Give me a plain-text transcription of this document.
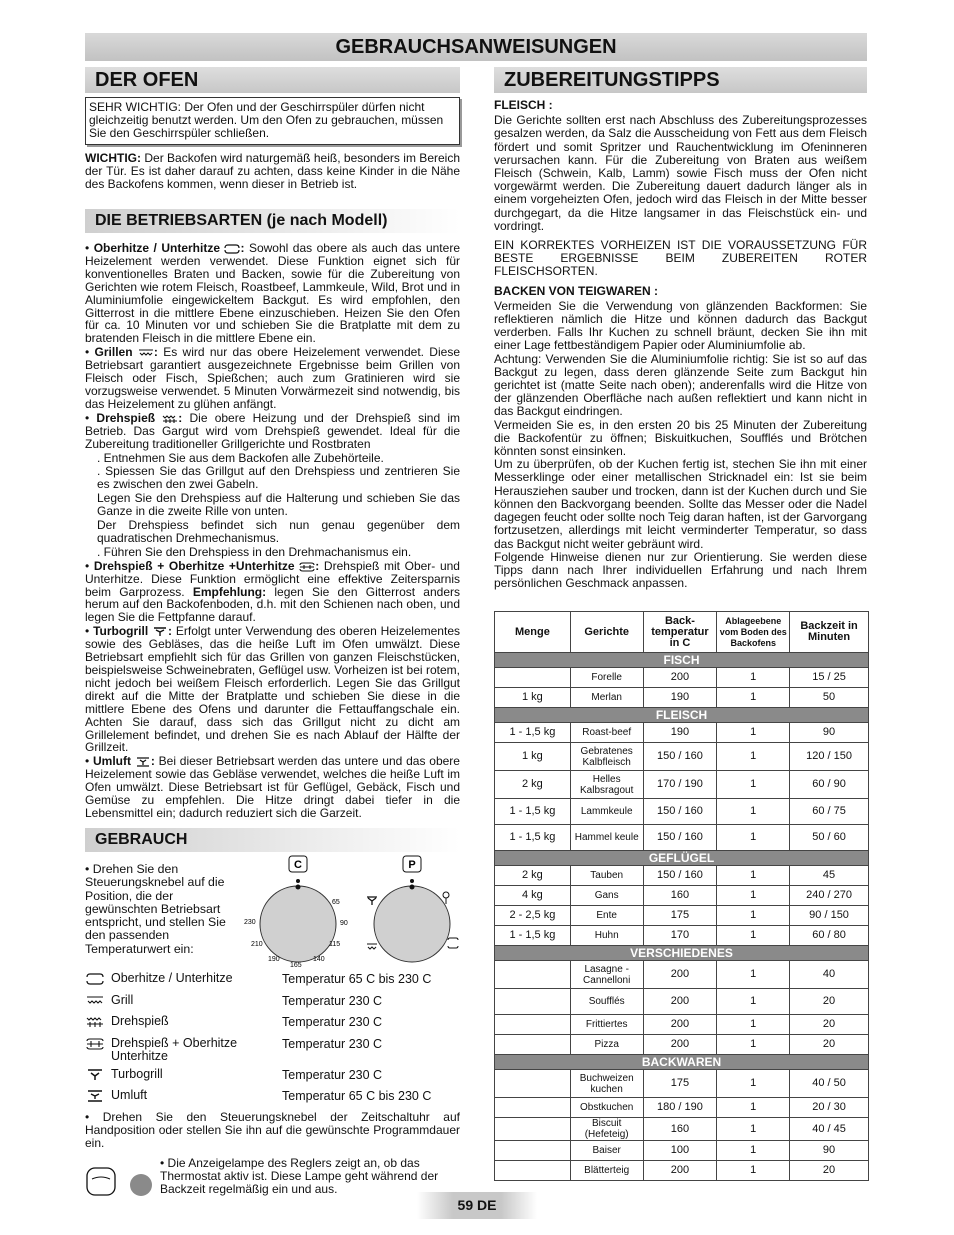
GEBRAUCHSANWEISUNGEN
DER OFEN
SEHR WICHTIG: Der Ofen und der Geschirrspüler dürfen nicht gleichzeitig benutzt werden. Um den Ofen zu gebrauchen, müssen Sie den Geschirrspüler schließen.

WICHTIG: Der Backofen wird naturgemäß heiß, besonders im Bereich der Tür. Es ist daher darauf zu achten, dass keine Kinder in die Nähe des Backofens kommen, wenn dieser in Betrieb ist.

DIE BETRIEBSARTEN (je nach Modell)

• Oberhitze / Unterhitze : Sowohl das obere als auch das untere Heizelement werden verwendet. Diese Funktion eignet sich für konventionelles Braten und Backen, sowie für die Zubereitung von Gerichten wie rotem Fleisch, Roastbeef, Lammkeule, Wild, Brot und in Aluminiumfolie eingewickeltem Backgut. Es wird empfohlen, den Gitterrost in die mittlere Ebene einzuschieben. Heizen Sie den Ofen für ca. 10 Minuten vor und schieben Sie die Bratplatte mit dem zu bratenden Fleisch in die mittlere Ebene ein.

• Grillen : Es wird nur das obere Heizelement verwendet. Diese Betriebsart garantiert ausgezeichnete Ergebnisse beim Grillen von Fleisch oder Fisch, Spießchen; auch zum Gratinieren wird sie vorzugsweise verwendet. 5 Minuten Vorwärmezeit sind notwendig, bis das Heizelement zu glühen anfängt.

• Drehspieß : Die obere Heizung und der Drehspieß sind im Betrieb. Das Gargut wird vom Drehspieß gewendet. Ideal für die Zubereitung traditioneller Grillgerichte und Rostbraten

. Entnehmen Sie aus dem Backofen alle Zubehörteile.

. Spiessen Sie das Grillgut auf den Drehspiess und zentrieren Sie es zwischen den zwei Gabeln.

Legen Sie den Drehspiess auf die Halterung und schieben Sie das Ganze in die zweite Rille von unten.

Der Drehspiess befindet sich nun genau gegenüber dem quadratischen Drehmechanismus.

. Führen Sie den Drehspiess in den Drehmachanismus ein.

• Drehspieß + Oberhitze +Unterhitze : Drehspieß mit Ober- und Unterhitze. Diese Funktion ermöglicht eine effektive Zeitersparnis beim Garprozess. Empfehlung: legen Sie den Gitterrost anders herum auf den Backofenboden, d.h. mit den Schienen nach oben, und legen Sie die Fettpfanne darauf.

• Turbogrill : Erfolgt unter Verwendung des oberen Heizelementes sowie des Gebläses, das die heiße Luft im Ofen umwälzt. Diese Betriebsart empfiehlt sich für das Grillen von ganzen Fleischstücken, beispielsweise Schweinebraten, Geflügel usw. Vorheizen ist bei rotem, nicht jedoch bei weißem Fleisch erforderlich. Legen Sie das Grillgut direkt auf die Mitte der Bratplatte und schieben Sie diese in die mittlere Ebene des Ofens und darunter die Fettauffangschale ein. Achten Sie darauf, dass sich das Grillgut nicht zu dicht am Grillelement befindet, und drehen Sie es nach Ablauf der Hälfte der Grillzeit.

• Umluft : Bei dieser Betriebsart werden das untere und das obere Heizelement sowie das Gebläse verwendet, welches die heiße Luft im Ofen umwälzt. Diese Betriebsart ist für Geflügel, Gebäck, Fisch und Gemüse zu empfehlen. Die Hitze dringt dabei tiefer in die Lebensmittel ein; dadurch reduziert sich die Garzeit.

GEBRAUCH
• Drehen Sie den Steuerungsknebel auf die Position, die der gewünschten Betriebsart entspricht, und stellen Sie den passenden Temperaturwert ein:
C
65
90
115
140
165
190
210
230
P
Oberhitze / Unterhitze	Temperatur 65 C bis 230 C
Grill	Temperatur 230 C
Drehspieß	Temperatur 230 C
Drehspieß + Oberhitze Unterhitze
Temperatur 230 C
Turbogrill	Temperatur 230 C
Umluft	Temperatur 65 C bis 230 C

• Drehen Sie den Steuerungsknebel der Zeitschaltuhr auf Handposition oder stellen Sie ihn auf die gewünschte Programmdauer ein.

• Die Anzeigelampe des Reglers zeigt an, ob das Thermostat aktiv ist. Diese Lampe geht während der Backzeit regelmäßig ein und aus.
ZUBEREITUNGSTIPPS

FLEISCH :

Die Gerichte sollten erst nach Abschluss des Zubereitungsprozesses gesalzen werden, da Salz die Ausscheidung von Fett aus dem Fleisch fördert und somit Spritzer und Rauchentwicklung im Ofeninneren verursachen kann. Für die Zubereitung von Braten aus weißem Fleisch (Schwein, Kalb, Lamm) sowie Fisch muss der Ofen nicht vorgewärmt werden. Die Zubereitung dauert dadurch länger als in einem vorgeheizten Ofen, jedoch wird das Fleisch in der Mitte besser durchgegart, da die Hitze langsamer in das Fleischstück ein- und vordringt.

EIN KORREKTES VORHEIZEN IST DIE VORAUSSETZUNG FÜR BESTE ERGEBNISSE BEIM ZUBEREITEN ROTER FLEISCHSORTEN.

BACKEN VON TEIGWAREN :

Vermeiden Sie die Verwendung von glänzenden Backformen: Sie reflektieren nämlich die Hitze und können dadurch das Backgut verderben. Falls Ihr Kuchen zu schnell bräunt, decken Sie ihn mit einer Lage fettbeständigem Papier oder Aluminiumfolie ab.

Achtung: Verwenden Sie die Aluminiumfolie richtig: Sie ist so auf das Backgut zu legen, dass deren glänzende Seite zum Backgut hin gerichtet ist (matte Seite nach oben); anderenfalls wird die Hitze von der glänzenden Oberfläche nach außen reflektiert und kann nicht in das Backgut eindringen.

Vermeiden Sie es, in den ersten 20 bis 25 Minuten der Zubereitung die Backofentür zu öffnen; Biskuitkuchen, Soufflés und Brötchen könnten sonst einsinken.

Um zu überprüfen, ob der Kuchen fertig ist, stechen Sie ihn mit einer Messerklinge oder einer metallischen Stricknadel ein: Ist sie beim Herausziehen sauber und trocken, dann ist der Kuchen durch und Sie können den Backvorgang beenden. Sollte das Messer oder die Nadel dagegen feucht oder sollte noch Teig daran haften, ist der Garvorgang fortzusetzen, allerdings mit leicht verminderter Temperatur, so dass das Backgut nicht weiter gebräunt wird.

Folgende Hinweise dienen nur zur Orientierung. Sie werden diese Tipps dann nach Ihrer individuellen Erfahrung und nach Ihrem persönlichen Geschmack anpassen.

Menge	Gerichte	Back-temperatur in C	Ablageebene vom Boden des Backofens	Backzeit in Minuten
FISCH				
	Forelle	200	1	15 / 25
1 kg	Merlan	190	1	50
FLEISCH				
1 - 1,5 kg	Roast-beef	190	1	90
1 kg	Gebratenes Kalbfleisch	150 / 160	1	120 / 150
2 kg	Helles Kalbsragout	170 / 190	1	60 / 90
1 - 1,5 kg	Lammkeule	150 / 160	1	60 / 75
1 - 1,5 kg	Hammel keule	150 / 160	1	50 / 60
GEFLÜGEL				
2 kg	Tauben	150 / 160	1	45
4 kg	Gans	160	1	240 / 270
2 - 2,5 kg	Ente	175	1	90 / 150
1 - 1,5 kg	Huhn	170	1	60 / 80
VERSCHIEDENES				
	Lasagne - Cannelloni	200	1	40
	Soufflés	200	1	20
	Frittiertes	200	1	20
	Pizza	200	1	20
BACKWAREN				
	Buchweizen kuchen	175	1	40 / 50
	Obstkuchen	180 / 190	1	20 / 30
	Biscuit (Hefeteig)	160	1	40 / 45
	Baiser	100	1	90
	Blätterteig	200	1	20
59 DE
